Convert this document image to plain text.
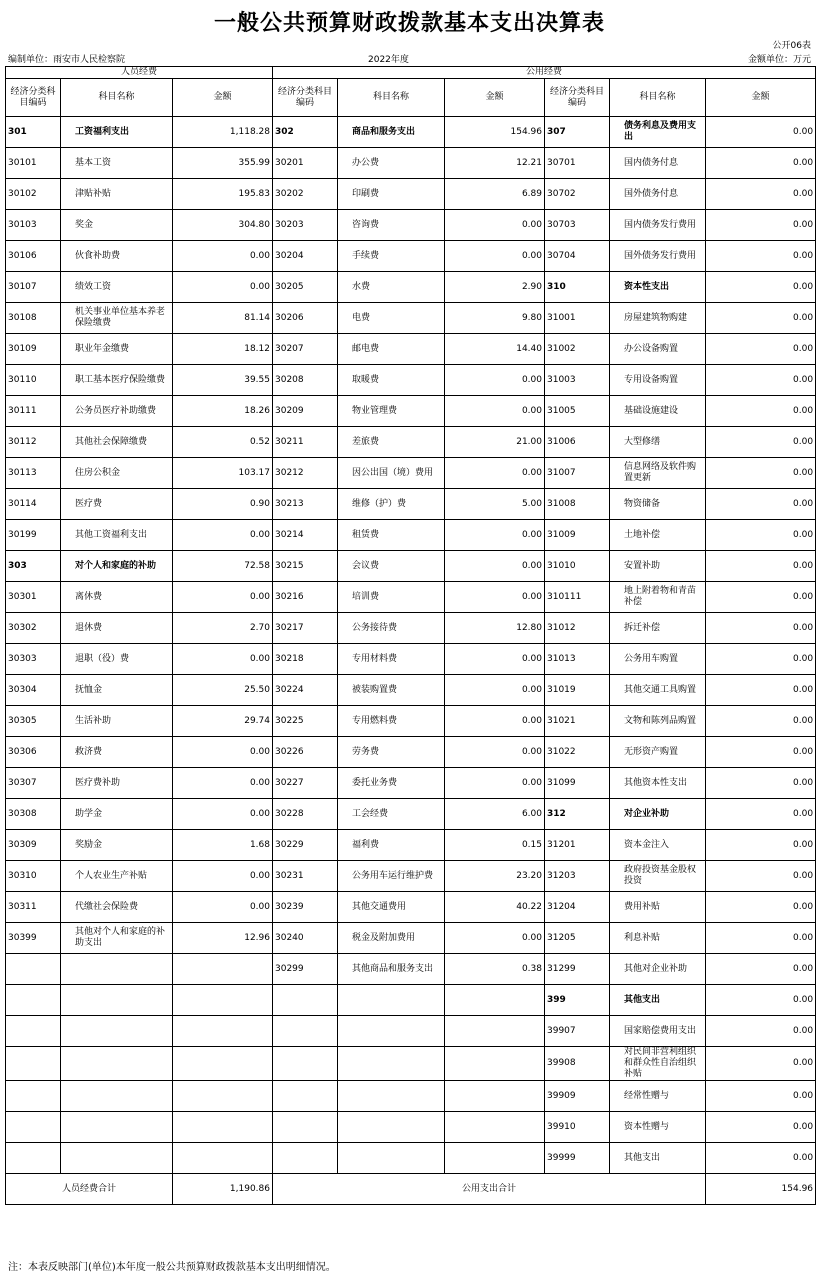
一般公共预算财政拨款基本支出决算表
公开06表
编制单位：雨安市人民检察院	2022年度	金额单位：万元
人员经费			公用经费					
经济分类科目编码	科目名称	金额	经济分类科目编码	科目名称	金额	经济分类科目编码	科目名称	金额
301	工资福利支出	1,118.28	302	商品和服务支出	154.96	307	债务利息及费用支出	0.00
30101	基本工资	355.99	30201	办公费	12.21	30701	国内债务付息	0.00
30102	津贴补贴	195.83	30202	印刷费	6.89	30702	国外债务付息	0.00
30103	奖金	304.80	30203	咨询费	0.00	30703	国内债务发行费用	0.00
30106	伙食补助费	0.00	30204	手续费	0.00	30704	国外债务发行费用	0.00
30107	绩效工资	0.00	30205	水费	2.90	310	资本性支出	0.00
30108	机关事业单位基本养老保险缴费	81.14	30206	电费	9.80	31001	房屋建筑物购建	0.00
30109	职业年金缴费	18.12	30207	邮电费	14.40	31002	办公设备购置	0.00
30110	职工基本医疗保险缴费	39.55	30208	取暖费	0.00	31003	专用设备购置	0.00
30111	公务员医疗补助缴费	18.26	30209	物业管理费	0.00	31005	基础设施建设	0.00
30112	其他社会保障缴费	0.52	30211	差旅费	21.00	31006	大型修缮	0.00
30113	住房公积金	103.17	30212	因公出国（境）费用	0.00	31007	信息网络及软件购置更新	0.00
30114	医疗费	0.90	30213	维修（护）费	5.00	31008	物资储备	0.00
30199	其他工资福利支出	0.00	30214	租赁费	0.00	31009	土地补偿	0.00
303	对个人和家庭的补助	72.58	30215	会议费	0.00	31010	安置补助	0.00
30301	离休费	0.00	30216	培训费	0.00	310111	地上附着物和青苗补偿	0.00
30302	退休费	2.70	30217	公务接待费	12.80	31012	拆迁补偿	0.00
30303	退职（役）费	0.00	30218	专用材料费	0.00	31013	公务用车购置	0.00
30304	抚恤金	25.50	30224	被装购置费	0.00	31019	其他交通工具购置	0.00
30305	生活补助	29.74	30225	专用燃料费	0.00	31021	文物和陈列品购置	0.00
30306	救济费	0.00	30226	劳务费	0.00	31022	无形资产购置	0.00
30307	医疗费补助	0.00	30227	委托业务费	0.00	31099	其他资本性支出	0.00
30308	助学金	0.00	30228	工会经费	6.00	312	对企业补助	0.00
30309	奖励金	1.68	30229	福利费	0.15	31201	资本金注入	0.00
30310	个人农业生产补贴	0.00	30231	公务用车运行维护费	23.20	31203	政府投资基金股权投资	0.00
30311	代缴社会保险费	0.00	30239	其他交通费用	40.22	31204	费用补贴	0.00
30399	其他对个人和家庭的补助支出	12.96	30240	税金及附加费用	0.00	31205	利息补贴	0.00
			30299	其他商品和服务支出	0.38	31299	其他对企业补助	0.00
						399	其他支出	0.00
						39907	国家赔偿费用支出	0.00
						39908	对民间非营利组织和群众性自治组织补贴	0.00
						39909	经常性赠与	0.00
						39910	资本性赠与	0.00
						39999	其他支出	0.00
人员经费合计		1,190.86	公用支出合计					154.96
注：本表反映部门(单位)本年度一般公共预算财政拨款基本支出明细情况。
